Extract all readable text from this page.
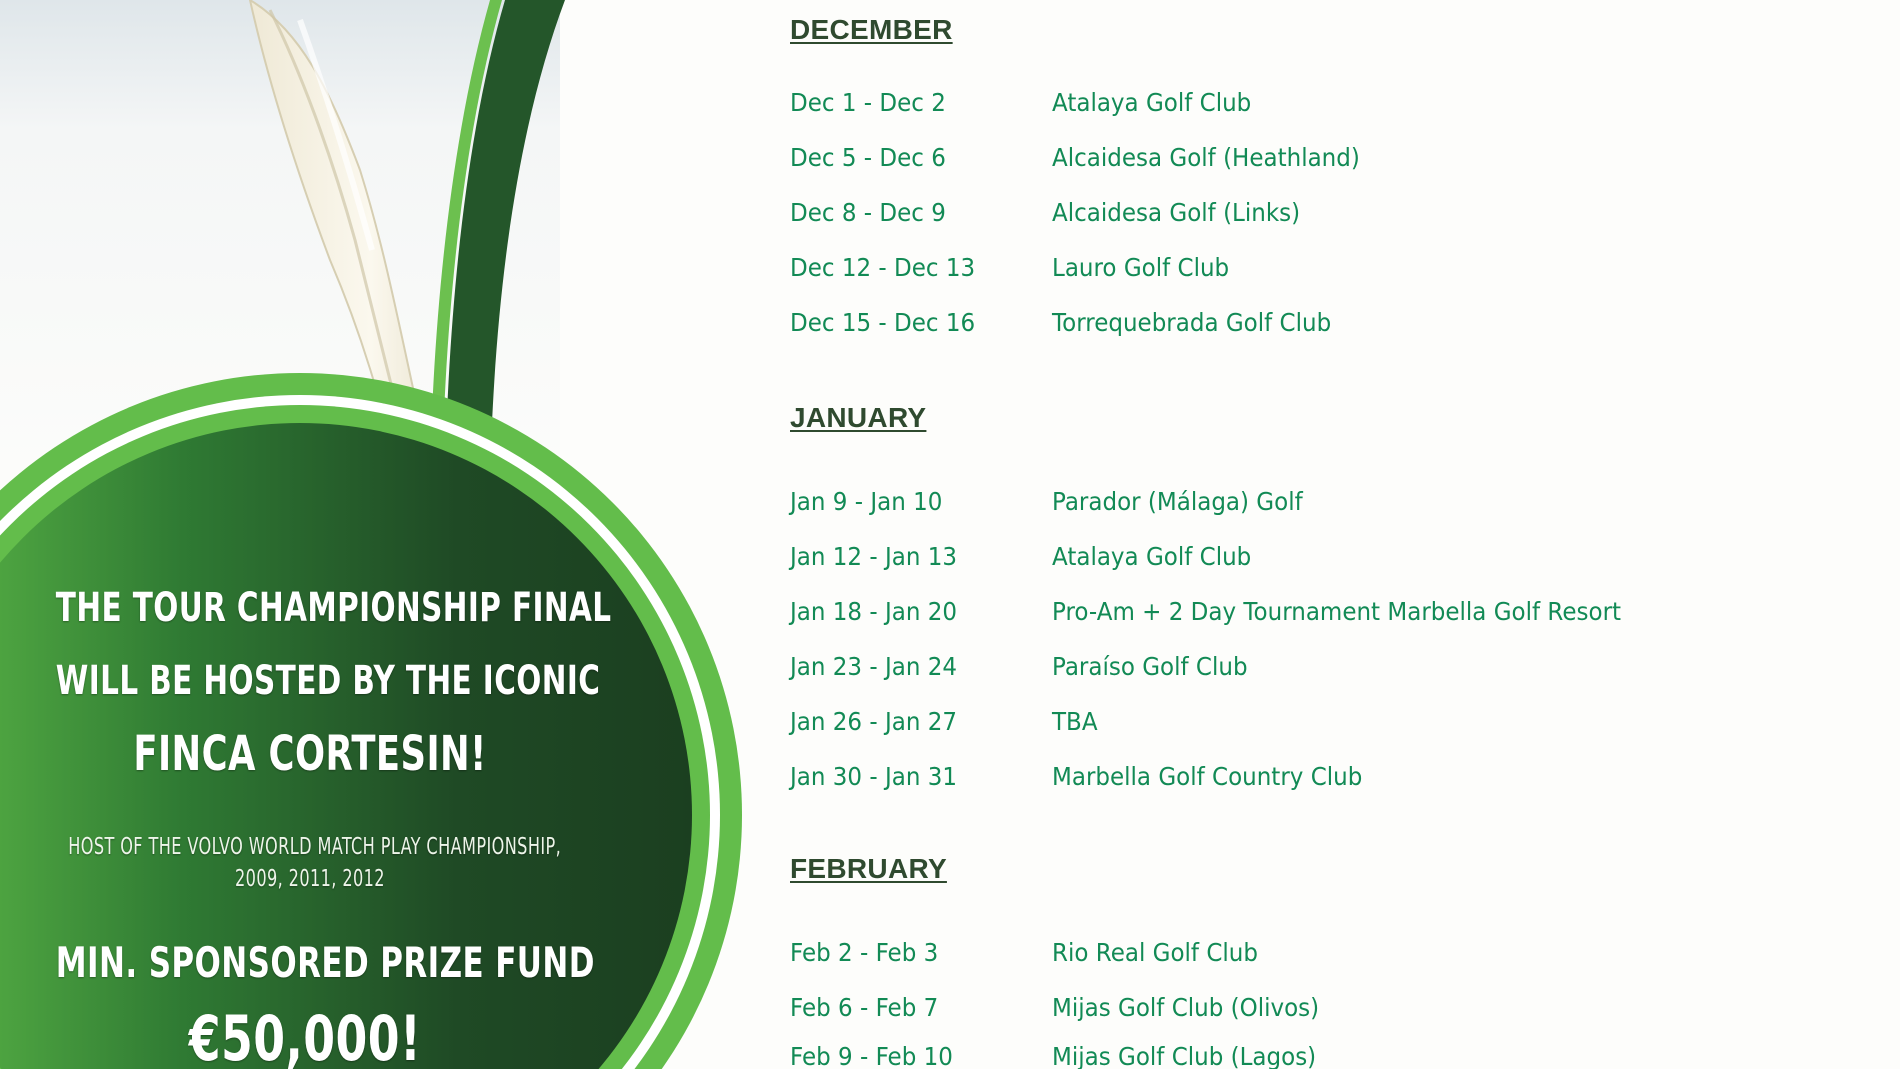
THE TOUR CHAMPIONSHIP FINAL
WILL BE HOSTED BY THE ICONIC
FINCA CORTESIN!
HOST OF THE VOLVO WORLD MATCH PLAY CHAMPIONSHIP,
2009, 2011, 2012
MIN. SPONSORED PRIZE FUND
€50,000!
DECEMBER
Dec 1 - Dec 2	Atalaya Golf Club
Dec 5 - Dec 6	Alcaidesa Golf (Heathland)
Dec 8 - Dec 9	Alcaidesa Golf (Links)
Dec 12 - Dec 13	Lauro Golf Club
Dec 15 - Dec 16	Torrequebrada Golf Club
JANUARY
Jan 9 - Jan 10	Parador (Málaga) Golf
Jan 12 - Jan 13	Atalaya Golf Club
Jan 18 - Jan 20	Pro-Am + 2 Day Tournament Marbella Golf Resort
Jan 23 - Jan 24	Paraíso Golf Club
Jan 26 - Jan 27	TBA
Jan 30 - Jan 31	Marbella Golf Country Club
FEBRUARY
Feb 2 - Feb 3	Rio Real Golf Club
Feb 6 - Feb 7	Mijas Golf Club (Olivos)
Feb 9 - Feb 10	Mijas Golf Club (Lagos)
